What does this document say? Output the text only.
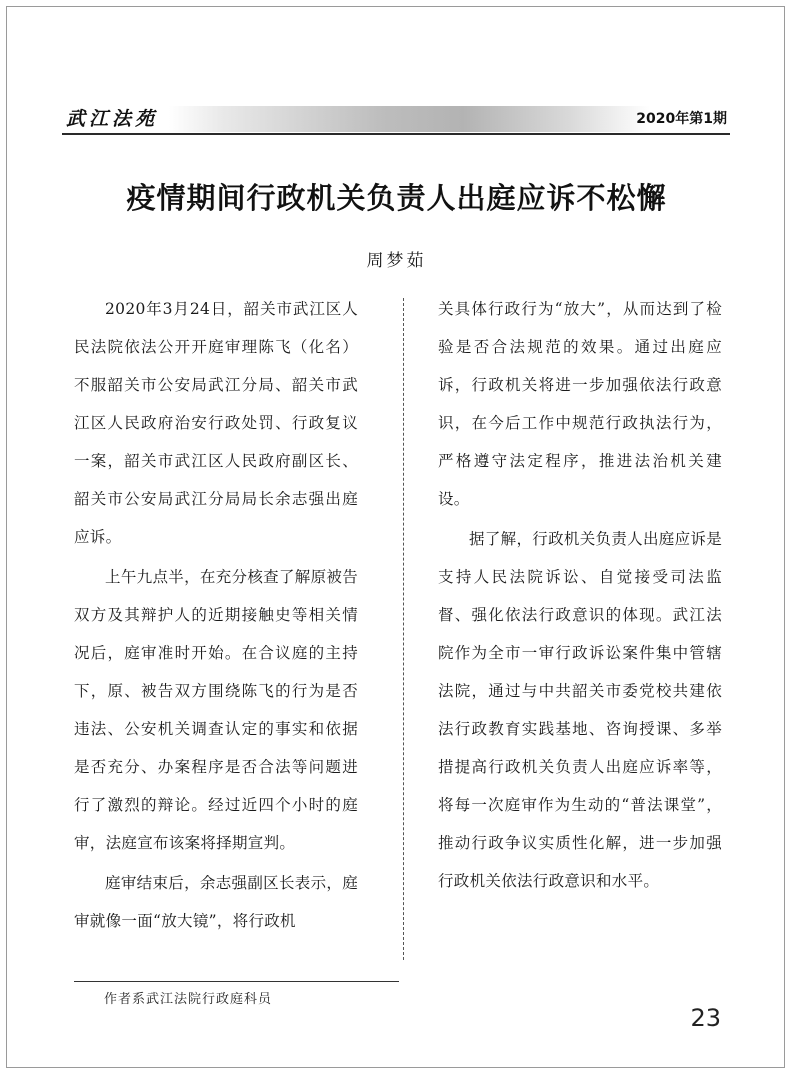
武江法苑	2020年第1期
疫情期间行政机关负责人出庭应诉不松懈
周梦茹

2020年3月24日，韶关市武江区人民法院依法公开开庭审理陈飞（化名）不服韶关市公安局武江分局、韶关市武江区人民政府治安行政处罚、行政复议一案，韶关市武江区人民政府副区长、韶关市公安局武江分局局长余志强出庭应诉。

上午九点半，在充分核查了解原被告双方及其辩护人的近期接触史等相关情况后，庭审准时开始。在合议庭的主持下，原、被告双方围绕陈飞的行为是否违法、公安机关调查认定的事实和依据是否充分、办案程序是否合法等问题进行了激烈的辩论。经过近四个小时的庭审，法庭宣布该案将择期宣判。

庭审结束后，余志强副区长表示，庭审就像一面“放大镜”，将行政机

关具体行政行为“放大”，从而达到了检验是否合法规范的效果。通过出庭应诉，行政机关将进一步加强依法行政意识，在今后工作中规范行政执法行为，严格遵守法定程序，推进法治机关建设。

据了解，行政机关负责人出庭应诉是支持人民法院诉讼、自觉接受司法监督、强化依法行政意识的体现。武江法院作为全市一审行政诉讼案件集中管辖法院，通过与中共韶关市委党校共建依法行政教育实践基地、咨询授课、多举措提高行政机关负责人出庭应诉率等，将每一次庭审作为生动的“普法课堂”，推动行政争议实质性化解，进一步加强行政机关依法行政意识和水平。

作者系武江法院行政庭科员
23
